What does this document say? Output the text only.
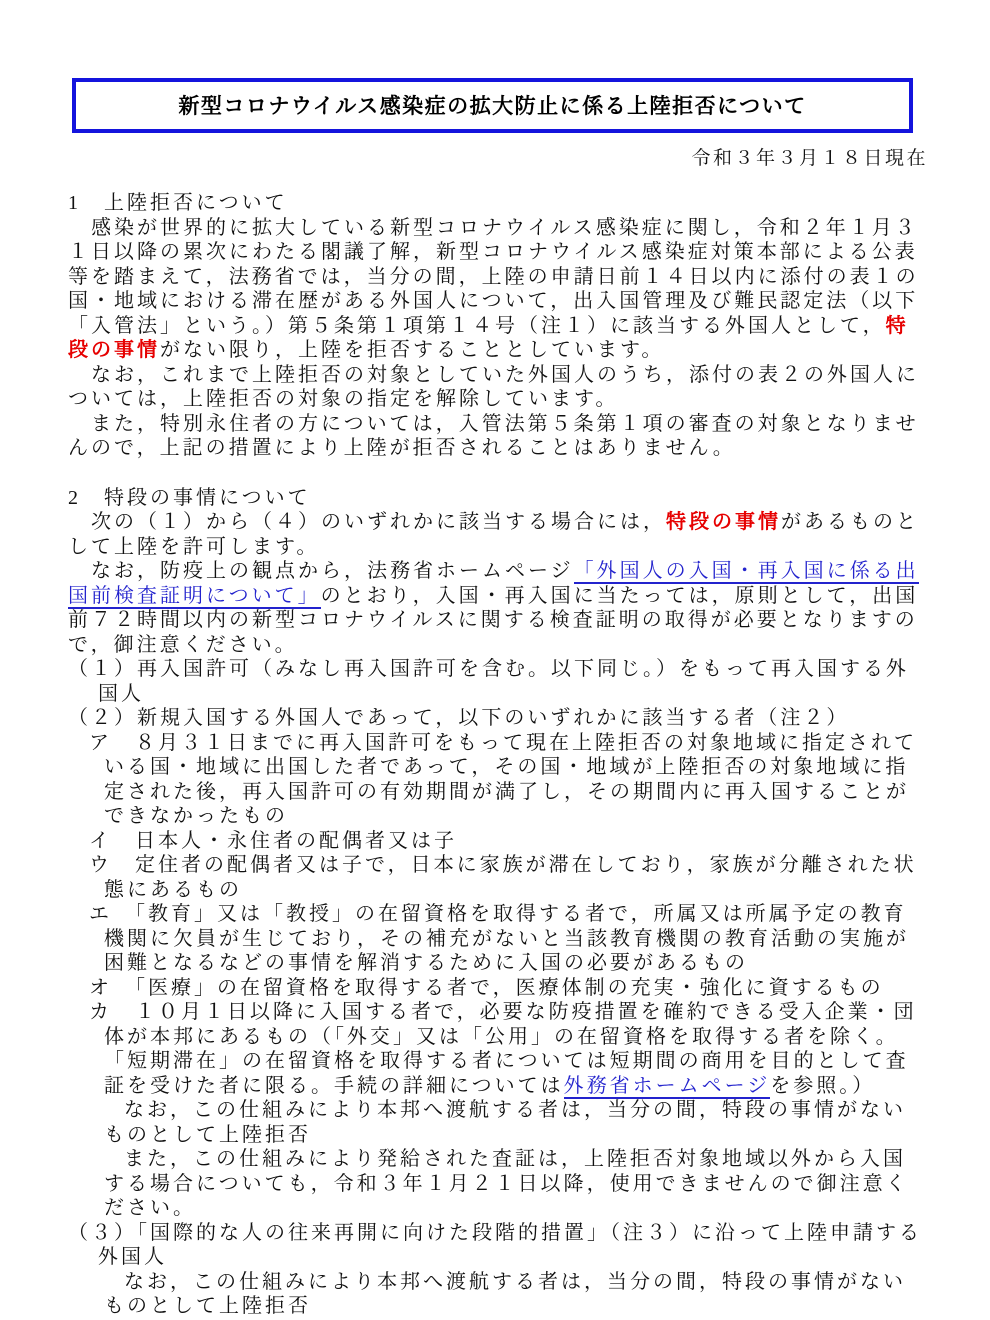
新型コロナウイルス感染症の拡大防止に係る上陸拒否について
令和３年３月１８日現在
1　上陸拒否について
　感染が世界的に拡大している新型コロナウイルス感染症に関し，令和２年１月３１日以降の累次にわたる閣議了解，新型コロナウイルス感染症対策本部による公表等を踏まえて，法務省では，当分の間，上陸の申請日前１４日以内に添付の表１の国・地域における滞在歴がある外国人について，出入国管理及び難民認定法（以下「入管法」という。）第５条第１項第１４号（注１）に該当する外国人として，特段の事情がない限り，上陸を拒否することとしています。
　なお，これまで上陸拒否の対象としていた外国人のうち，添付の表２の外国人については，上陸拒否の対象の指定を解除しています。
　また，特別永住者の方については，入管法第５条第１項の審査の対象となりませんので，上記の措置により上陸が拒否されることはありません。
2　特段の事情について
　次の（１）から（４）のいずれかに該当する場合には，特段の事情があるものとして上陸を許可します。
　なお，防疫上の観点から，法務省ホームページ「外国人の入国・再入国に係る出国前検査証明について」のとおり，入国・再入国に当たっては，原則として，出国前７２時間以内の新型コロナウイルスに関する検査証明の取得が必要となりますので，御注意ください。
（１）再入国許可（みなし再入国許可を含む。以下同じ。）をもって再入国する外国人
（２）新規入国する外国人であって，以下のいずれかに該当する者（注２）
ア　８月３１日までに再入国許可をもって現在上陸拒否の対象地域に指定されている国・地域に出国した者であって，その国・地域が上陸拒否の対象地域に指定された後，再入国許可の有効期間が満了し，その期間内に再入国することができなかったもの
イ　日本人・永住者の配偶者又は子
ウ　定住者の配偶者又は子で，日本に家族が滞在しており，家族が分離された状態にあるもの
エ　「教育」又は「教授」の在留資格を取得する者で，所属又は所属予定の教育機関に欠員が生じており，その補充がないと当該教育機関の教育活動の実施が困難となるなどの事情を解消するために入国の必要があるもの
オ　「医療」の在留資格を取得する者で，医療体制の充実・強化に資するもの
カ　１０月１日以降に入国する者で，必要な防疫措置を確約できる受入企業・団体が本邦にあるもの（「外交」又は「公用」の在留資格を取得する者を除く。「短期滞在」の在留資格を取得する者については短期間の商用を目的として査証を受けた者に限る。手続の詳細については外務省ホームページを参照。）
なお，この仕組みにより本邦へ渡航する者は，当分の間，特段の事情がないものとして上陸拒否
また，この仕組みにより発給された査証は，上陸拒否対象地域以外から入国する場合についても，令和３年１月２１日以降，使用できませんので御注意ください。
（３）「国際的な人の往来再開に向けた段階的措置」（注３）に沿って上陸申請する外国人
なお，この仕組みにより本邦へ渡航する者は，当分の間，特段の事情がないものとして上陸拒否
